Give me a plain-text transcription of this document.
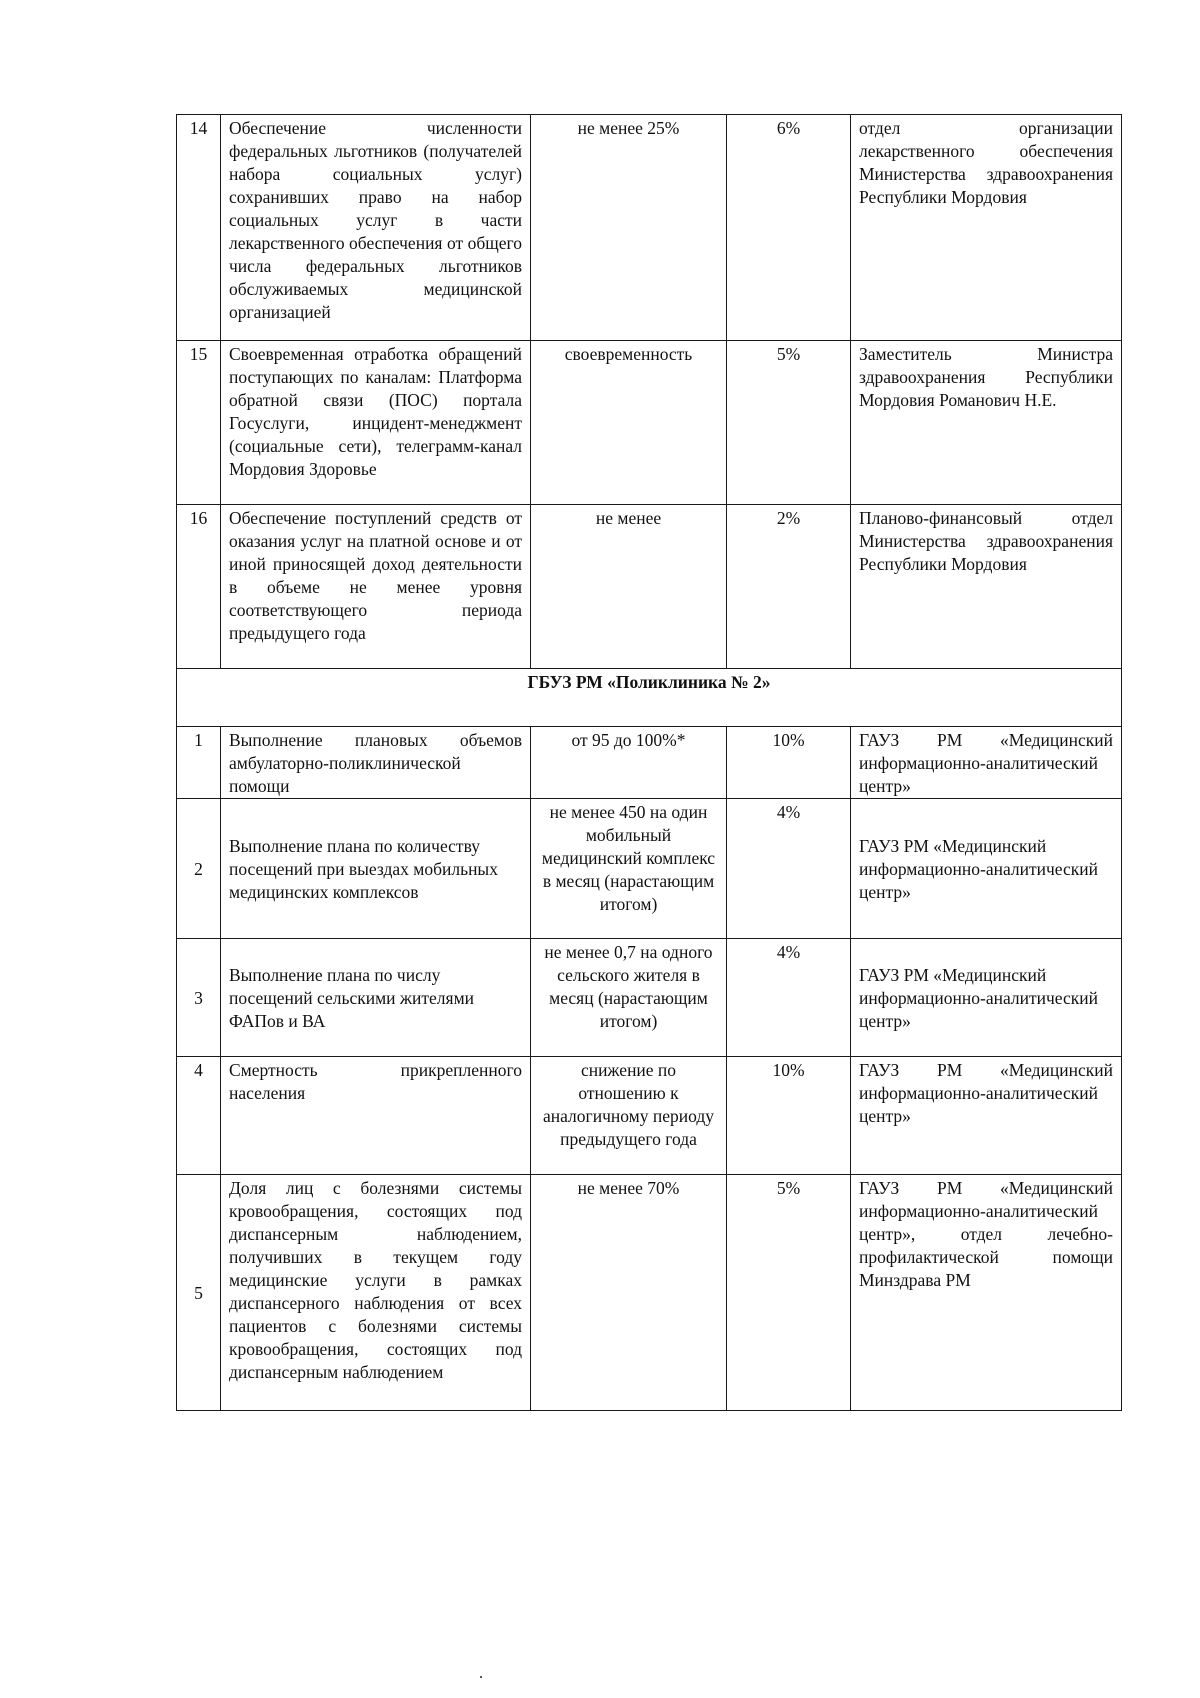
14	Обеспечение численности федеральных льготников (получателей набора социальных услуг) сохранивших право на набор социальных услуг в части лекарственного обеспечения от общего числа федеральных льготников обслуживаемых медицинской организацией	не менее 25%	6%	отдел организации лекарственного обеспечения Министерства здравоохранения Республики Мордовия
15	Своевременная отработка обращений поступающих по каналам: Платформа обратной связи (ПОС) портала Госуслуги, инцидент-менеджмент (социальные сети), телеграмм-канал Мордовия Здоровье	своевременность	5%	Заместитель Министра здравоохранения Республики Мордовия Романович Н.Е.
16	Обеспечение поступлений средств от оказания услуг на платной основе и от иной приносящей доход деятельности в объеме не менее уровня соответствующего периода предыдущего года	не менее	2%	Планово-финансовый отдел Министерства здравоохранения Республики Мордовия
ГБУЗ РМ «Поликлиника № 2»				
1	Выполнение плановых объемов амбулаторно-поликлинической помощи	от 95 до 100%*	10%	ГАУЗ РМ «Медицинский информационно-аналитический центр»
2	Выполнение плана по количеству посещений при выездах мобильных медицинских комплексов	не менее 450 на один мобильный медицинский комплекс в месяц (нарастающим итогом)	4%	ГАУЗ РМ «Медицинский информационно-аналитический центр»
3	Выполнение плана по числу посещений сельскими жителями ФАПов и ВА	не менее 0,7 на одного сельского жителя в месяц (нарастающим итогом)	4%	ГАУЗ РМ «Медицинский информационно-аналитический центр»
4	Смертность прикрепленного населения	снижение по отношению к аналогичному периоду предыдущего года	10%	ГАУЗ РМ «Медицинский информационно-аналитический центр»
5	Доля лиц с болезнями системы кровообращения, состоящих под диспансерным наблюдением, получивших в текущем году медицинские услуги в рамках диспансерного наблюдения от всех пациентов с болезнями системы кровообращения, состоящих под диспансерным наблюдением	не менее 70%	5%	ГАУЗ РМ «Медицинский информационно-аналитический центр», отдел лечебно-профилактической помощи Минздрава РМ
